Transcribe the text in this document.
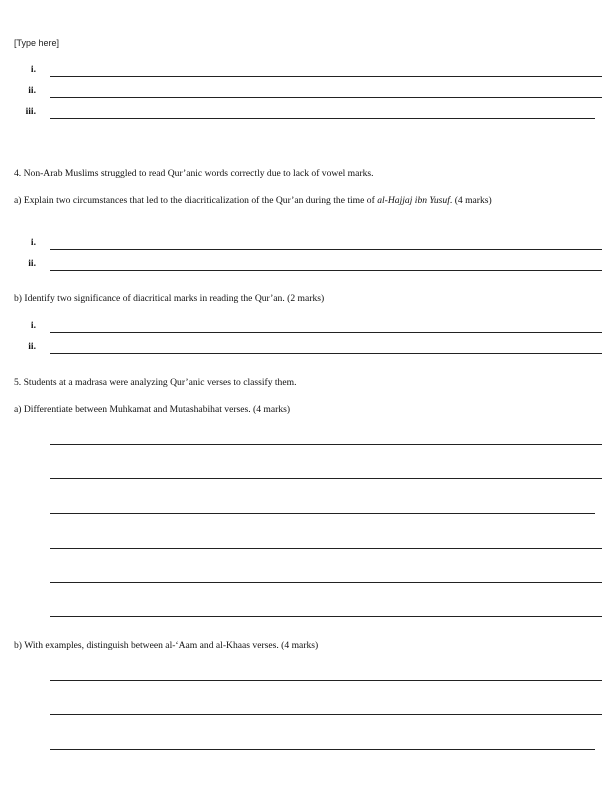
[Type here]
i.
ii.
iii.
4. Non-Arab Muslims struggled to read Qur’anic words correctly due to lack of vowel marks.
a) Explain two circumstances that led to the diacriticalization of the Qur’an during the time of al-Hajjaj ibn Yusuf. (4 marks)
i.
ii.
b) Identify two significance of diacritical marks in reading the Qur’an. (2 marks)
i.
ii.
5. Students at a madrasa were analyzing Qur’anic verses to classify them.
a) Differentiate between Muhkamat and Mutashabihat verses. (4 marks)
b) With examples, distinguish between al-‘Aam and al-Khaas verses. (4 marks)
